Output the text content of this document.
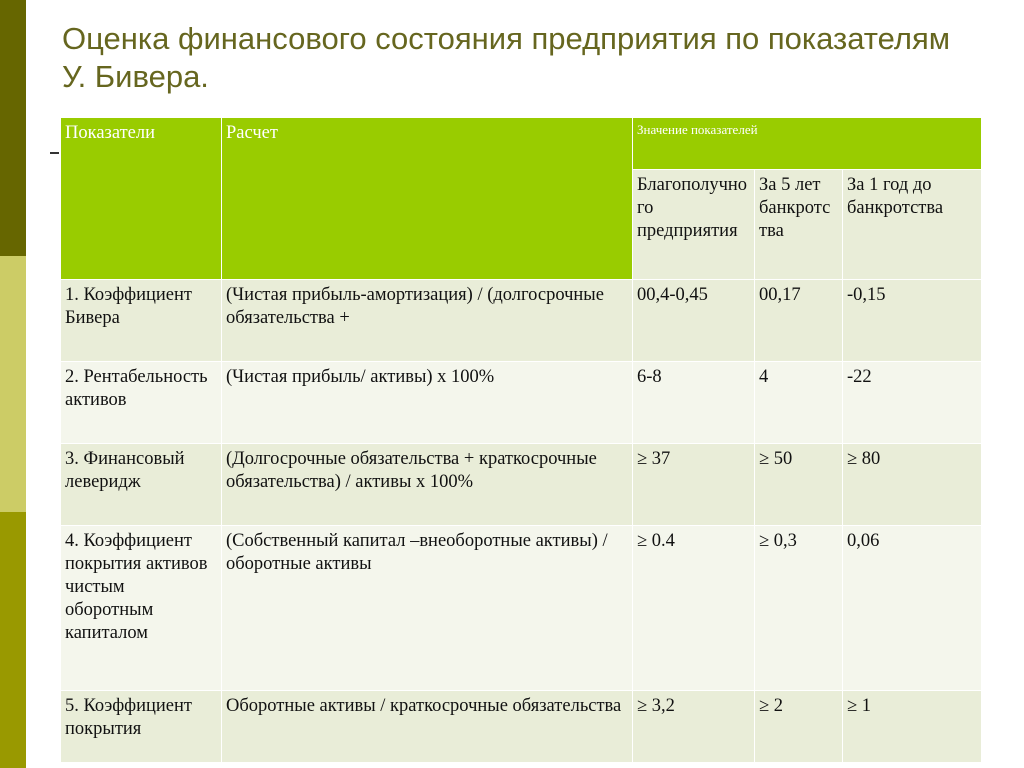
Оценка финансового состояния предприятия по показателям У. Бивера.
Показатели	Расчет	Значение показателей		
		Благополучного предприятия	За 5 лет банкротства	За 1 год до банкротства
1. Коэффициент Бивера	(Чистая прибыль-амортизация) / (долгосрочные обязательства +	00,4-0,45	00,17	-0,15
2. Рентабельность активов	(Чистая прибыль/ активы) х 100%	6-8	4	-22
3. Финансовый леверидж	(Долгосрочные обязательства + краткосрочные обязательства) / активы х 100%	≥ 37	≥ 50	≥ 80
4. Коэффициент покрытия активов чистым оборотным капиталом	(Собственный капитал –внеоборотные активы) / оборотные активы	≥ 0.4	≥ 0,3	0,06
5. Коэффициент покрытия	Оборотные активы / краткосрочные обязательства	≥ 3,2	≥ 2	≥ 1
